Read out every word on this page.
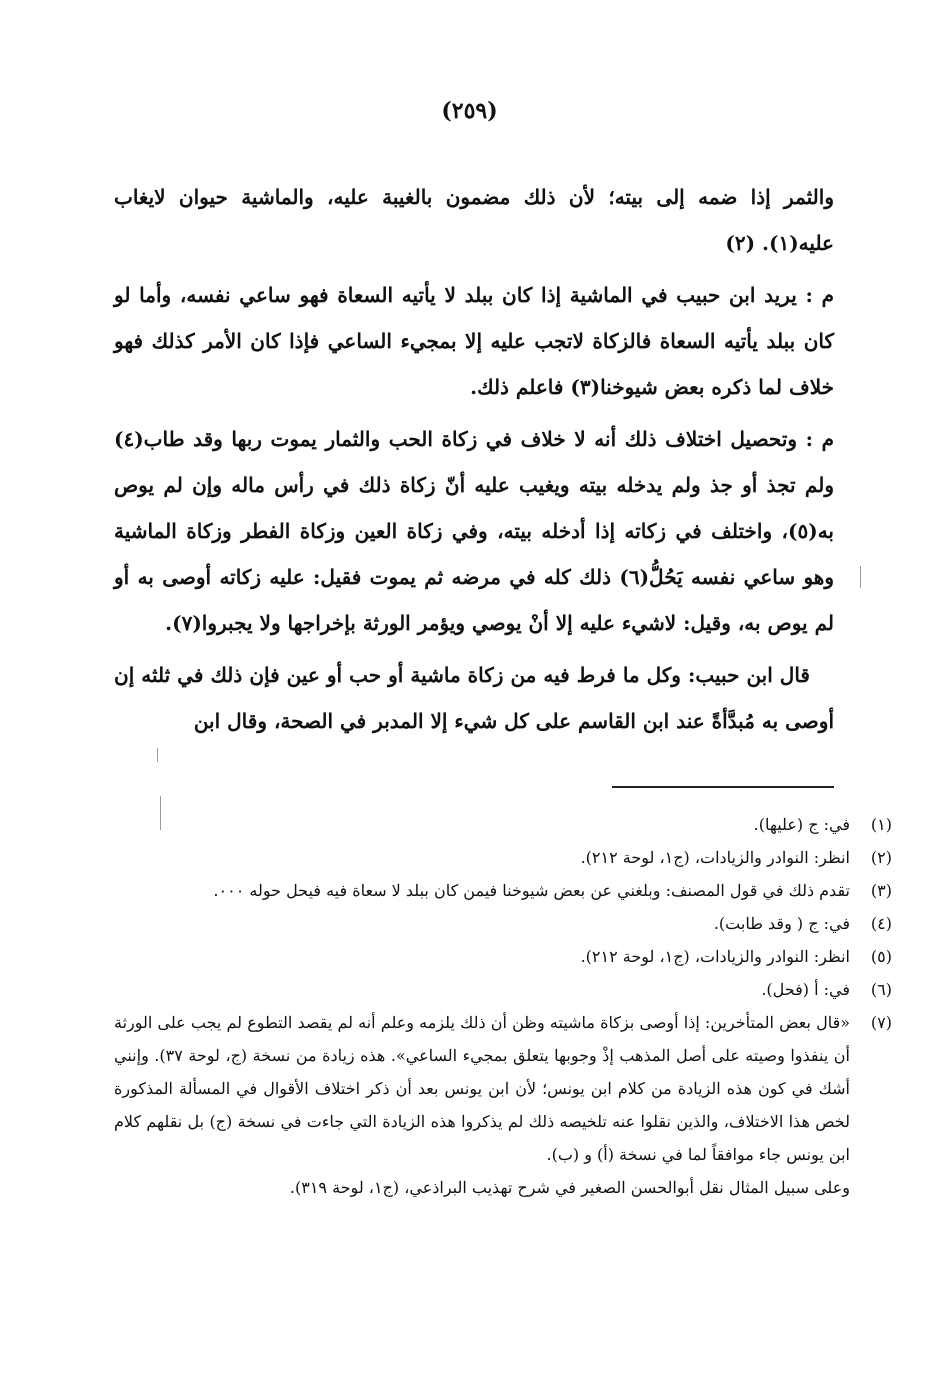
(٢٥٩)

والثمر إذا ضمه إلى بيته؛ لأن ذلك مضمون بالغيبة عليه، والماشية حيوان لايغاب عليه(١). (٢)

م : يريد ابن حبيب في الماشية إذا كان ببلد لا يأتيه السعاة فهو ساعي نفسه، وأما لو كان ببلد يأتيه السعاة فالزكاة لاتجب عليه إلا بمجيء الساعي فإذا كان الأمر كذلك فهو خلاف لما ذكره بعض شيوخنا(٣) فاعلم ذلك.

م : وتحصيل اختلاف ذلك أنه لا خلاف في زكاة الحب والثمار يموت ربها وقد طاب(٤) ولم تجذ أو جذ ولم يدخله بيته ويغيب عليه أنّ زكاة ذلك في رأس ماله وإن لم يوص به(٥)، واختلف في زكاته إذا أدخله بيته، وفي زكاة العين وزكاة الفطر وزكاة الماشية وهو ساعي نفسه يَحُلُّ(٦) ذلك كله في مرضه ثم يموت فقيل: عليه زكاته أوصى به أو لم يوص به، وقيل: لاشيء عليه إلا أنْ يوصي ويؤمر الورثة بإخراجها ولا يجبروا(٧).

قال ابن حبيب: وكل ما فرط فيه من زكاة ماشية أو حب أو عين فإن ذلك في ثلثه إن أوصى به مُبدَّأةً عند ابن القاسم على كل شيء إلا المدبر في الصحة، وقال ابن

(١)
في: ج (عليها).
(٢)
انظر: النوادر والزيادات، (ج١، لوحة ٢١٢).
(٣)
تقدم ذلك في قول المصنف: وبلغني عن بعض شيوخنا فيمن كان ببلد لا سعاة فيه فيحل حوله ٠٠٠.
(٤)
في: ج ( وقد طابت).
(٥)
انظر: النوادر والزيادات، (ج١، لوحة ٢١٢).
(٦)
في: أ (فحل).
(٧)
«قال بعض المتأخرين: إذا أوصى بزكاة ماشيته وظن أن ذلك يلزمه وعلم أنه لم يقصد التطوع لم يجب على الورثة أن ينفذوا وصيته على أصل المذهب إذْ وجوبها يتعلق بمجيء الساعي». هذه زيادة من نسخة (ج، لوحة ٣٧). وإنني أشك في كون هذه الزيادة من كلام ابن يونس؛ لأن ابن يونس بعد أن ذكر اختلاف الأقوال في المسألة المذكورة لخص هذا الاختلاف، والذين نقلوا عنه تلخيصه ذلك لم يذكروا هذه الزيادة التي جاءت في نسخة (ج) بل نقلهم كلام ابن يونس جاء موافقاً لما في نسخة (أ) و (ب).
وعلى سبيل المثال نقل أبوالحسن الصغير في شرح تهذيب البراذعي، (ج١، لوحة ٣١٩).
